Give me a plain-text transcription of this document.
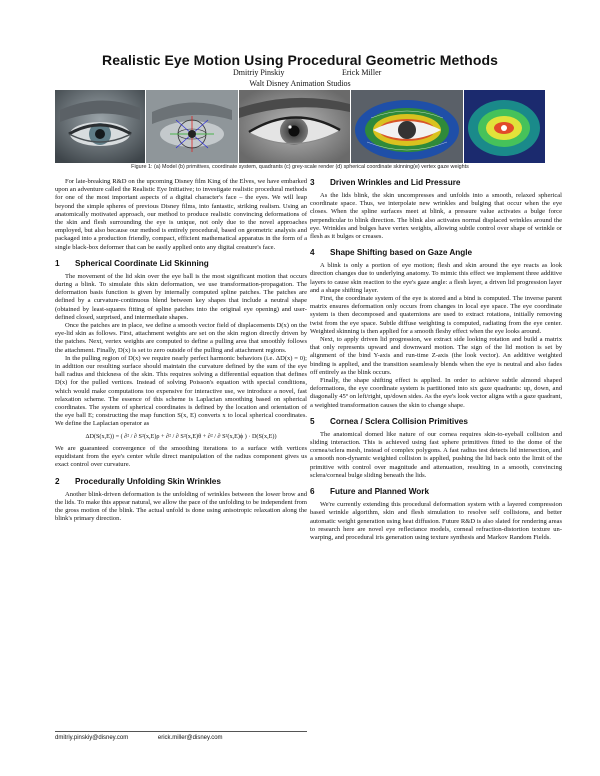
Realistic Eye Motion Using Procedural Geometric Methods
Dmitriy Pinskiy	Erick Miller
Walt Disney Animation Studios
Figure 1: (a) Model (b) primitives, coordinate system, quadrants (c) grey-scale render (d) spherical coordinate skinning(e) vertex gaze weights

For late-breaking R&D on the upcoming Disney film King of the Elves, we have embarked upon an adventure called the Realistic Eye Initiative; to investigate realistic procedural methods for one of the most important aspects of a digital character's face – the eyes. We will leap beyond the simple spheres of previous Disney films, into fantastic, striking realism. Using an anatomically motivated approach, our method to produce realistic convincing deformations of the skin and flesh surrounding the eye is unique, not only due to the novel approaches employed, but also because our method is entirely procedural, based on geometric analysis and packaged into a production friendly, compact, efficient mathematical apparatus in the form of a single black-box deformer that can be easily applied onto any digital creature's face.

1 Spherical Coordinate Lid Skinning

The movement of the lid skin over the eye ball is the most significant motion that occurs during a blink. To simulate this skin deformation, we use transformation-propagation. The deformation basis function is given by internally computed spline patches. The patches are defined by a curvature-continuous blend between key shapes that include a neutral shape (obtained by least-squares fitting of spline patches into the original eye opening) and user-defined closed, surprised, and intermediate shapes.

Once the patches are in place, we define a smooth vector field of displacements D(x) on the eye-lid skin as follows. First, attachment weights are set on the skin region directly driven by the patches. Next, vertex weights are computed to define a pulling area that smoothly follows the attachment. Finally, D(x) is set to zero outside of the pulling and attachment regions.

In the pulling region of D(x) we require nearly perfect harmonic behaviors (i.e. ΔD(x) = 0); in addition our resulting surface should maintain the curvature defined by the sum of the eye ball radius and thickness of the skin. This requires solving a differential equation that defines D(x) for the pulled vertices. Instead of solving Poisson's equation with special conditions, which would make computations too expensive for interactive use, we introduce a novel, fast relaxation scheme. The essence of this scheme is Laplacian smoothing based on spherical coordinates. The system of spherical coordinates is defined by the location and orientation of the eye ball E; constructing the map function S(x, E) converts x to local spherical coordinates. We define the Laplacian operator as

ΔD(S(x,E)) = ( ∂² / ∂ S²(x,E)ρ + ∂² / ∂ S²(x,E)θ + ∂² / ∂ S²(x,E)ϕ ) · D(S(x,E))

We are guaranteed convergence of the smoothing iterations to a surface with vertices equidistant from the eye's center while direct manipulation of the radius component gives us exact control over curvature.

2 Procedurally Unfolding Skin Wrinkles

Another blink-driven deformation is the unfolding of wrinkles between the lower brow and the lids. To make this appear natural, we allow the pace of the unfolding to be independent from the gross motion of the blink. The actual unfold is done using anisotropic relaxation along the blink's primary direction.

3 Driven Wrinkles and Lid Pressure

As the lids blink, the skin uncompresses and unfolds into a smooth, relaxed spherical coordinate space. Thus, we interpolate new wrinkles and bulging that occur when the eye closes. When the spline surfaces meet at blink, a pressure value activates a bulge force perpendicular to blink direction. The blink also activates normal displaced wrinkles around the eye. Wrinkles and bulges have vertex weights, allowing subtle control over shape of wrinkle or flesh as it bulges or creases.

4 Shape Shifting based on Gaze Angle

A blink is only a portion of eye motion; flesh and skin around the eye reacts as look direction changes due to underlying anatomy. To mimic this effect we implement three additive layers to cause skin reaction to the eye's gaze angle: a flesh layer, a driven lid progression layer and a shape shifting layer.

First, the coordinate system of the eye is stored and a bind is computed. The inverse parent matrix ensures deformation only occurs from changes in local eye space. The eye coordinate system is then decomposed and quaternions are used to extract rotations, initially removing twist from the eye space. Subtle diffuse weighting is computed, radiating from the eye center. Weighted skinning is then applied for a smooth fleshy effect when the eye looks around.

Next, to apply driven lid progression, we extract side looking rotation and build a matrix that only represents upward and downward motion. The sign of the lid motion is set by alignment of the bind Y-axis and run-time Z-axis (the look vector). An additive weighted binding is applied, and the transition seamlessly blends when the eye is neutral and also fades off entirely as the blink occurs.

Finally, the shape shifting effect is applied. In order to achieve subtle almond shaped deformations, the eye coordinate system is partitioned into six gaze quadrants: up, down, and diagonally 45º on left/right, up/down sides. As the eye's look vector aligns with a gaze quadrant, a weighted transformation causes the skin to change shape.

5 Cornea / Sclera Collision Primitives

The anatomical domed like nature of our cornea requires skin-to-eyeball collision and sliding interaction. This is achieved using fast sphere primitives fitted to the dome of the cornea/sclera mesh, instead of complex polygons. A fast radius test detects lid intersection, and a smooth non-dynamic weighted collision is applied, pushing the lid back onto the limit of the primitive with control over magnitude and attenuation, resulting in a smooth, convincing sclera/corneal bulge sliding beneath the lids.

6 Future and Planned Work

We're currently extending this procedural deformation system with a layered compression based wrinkle algorithm, skin and flesh simulation to resolve self collisions, and better automatic weight generation using heat diffusion. Future R&D is also slated for rendering areas to research here are novel eye reflectance models, corneal refraction-distortion texture un-warping, and procedural iris generation using texture synthesis and Markov Random Fields.

dmitriy.pinskiy@disney.com	erick.miller@disney.com
